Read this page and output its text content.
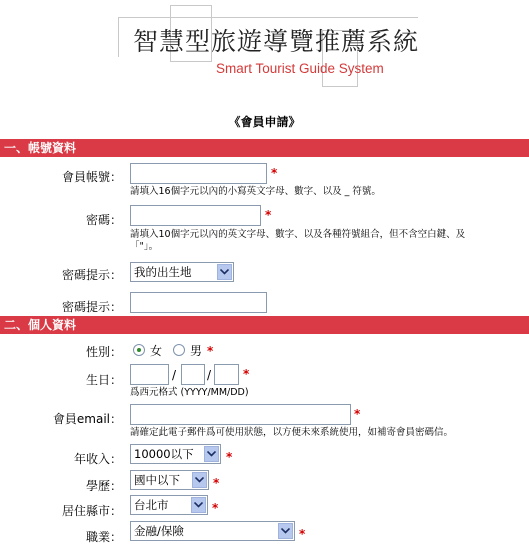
智慧型旅遊導覽推薦系統
Smart Tourist Guide System
《會員申請》
一、帳號資料
會員帳號：	*
請填入16個字元以內的小寫英文字母、數字、以及 _ 符號。
密碼：	*
請填入10個字元以內的英文字母、數字、以及各種符號組合，但不含空白鍵、及
「"」。
密碼提示：	我的出生地
密碼提示：
二、個人資料
性別： 女 男 *
生日：	/	/	*
爲西元格式 (YYYY/MM/DD)
會員email：	*
請確定此電子郵件爲可使用狀態，以方便未來系統使用，如補寄會員密碼信。
年收入：	10000以下	*
學歷：	國中以下	*
居住縣市：	台北市	*
職業：	金融/保險	*
